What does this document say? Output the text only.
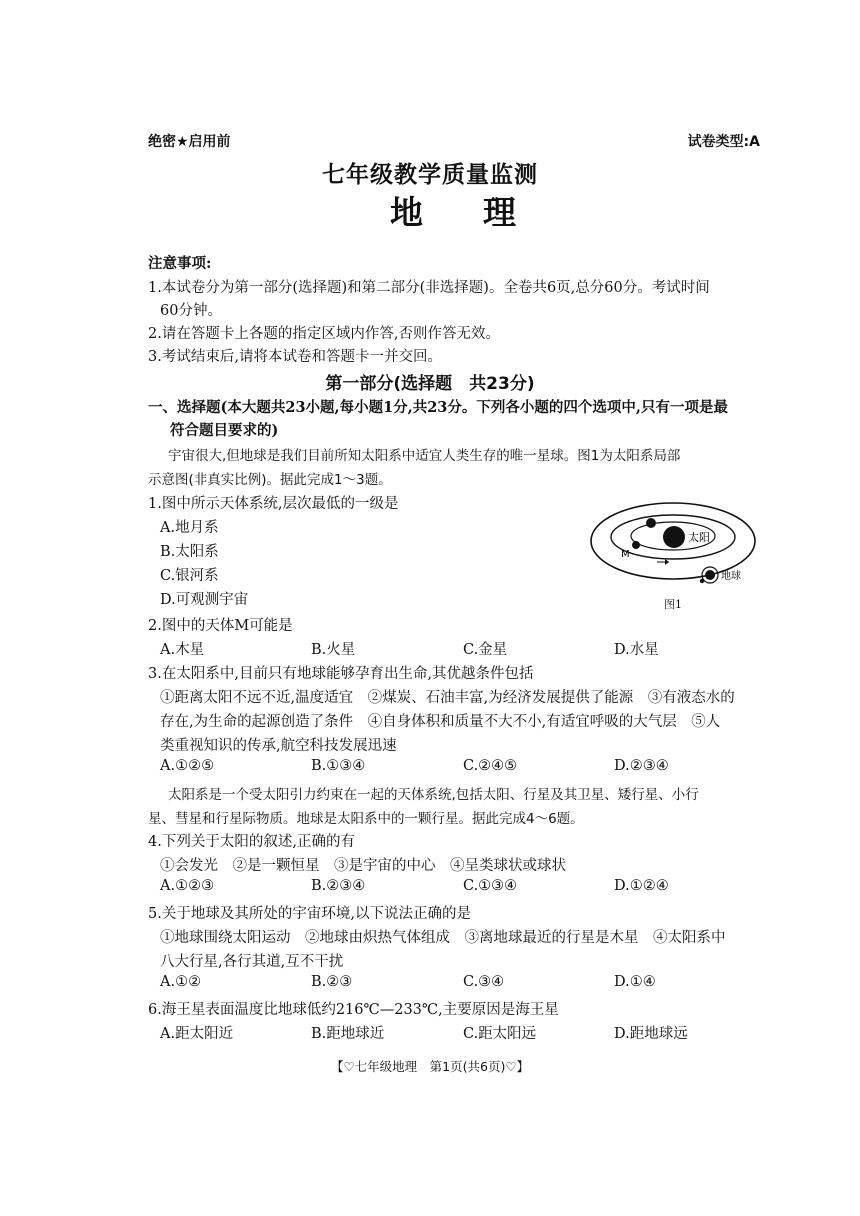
绝密★启用前	试卷类型:A
七年级教学质量监测
地理
注意事项:
1.本试卷分为第一部分(选择题)和第二部分(非选择题)。全卷共6页,总分60分。考试时间
60分钟。
2.请在答题卡上各题的指定区域内作答,否则作答无效。
3.考试结束后,请将本试卷和答题卡一并交回。
第一部分(选择题　共23分)
一、选择题(本大题共23小题,每小题1分,共23分。下列各小题的四个选项中,只有一项是最
符合题目要求的)
宇宙很大,但地球是我们目前所知太阳系中适宜人类生存的唯一星球。图1为太阳系局部
示意图(非真实比例)。据此完成1～3题。
1.图中所示天体系统,层次最低的一级是
A.地月系
B.太阳系
C.银河系
D.可观测宇宙
太阳
M
地球
图1
2.图中的天体M可能是
A.木星	B.火星	C.金星	D.水星
3.在太阳系中,目前只有地球能够孕育出生命,其优越条件包括
①距离太阳不远不近,温度适宜　②煤炭、石油丰富,为经济发展提供了能源　③有液态水的
存在,为生命的起源创造了条件　④自身体积和质量不大不小,有适宜呼吸的大气层　⑤人
类重视知识的传承,航空科技发展迅速
A.①②⑤	B.①③④	C.②④⑤	D.②③④
太阳系是一个受太阳引力约束在一起的天体系统,包括太阳、行星及其卫星、矮行星、小行
星、彗星和行星际物质。地球是太阳系中的一颗行星。据此完成4～6题。
4.下列关于太阳的叙述,正确的有
①会发光　②是一颗恒星　③是宇宙的中心　④呈类球状或球状
A.①②③	B.②③④	C.①③④	D.①②④
5.关于地球及其所处的宇宙环境,以下说法正确的是
①地球围绕太阳运动　②地球由炽热气体组成　③离地球最近的行星是木星　④太阳系中
八大行星,各行其道,互不干扰
A.①②	B.②③	C.③④	D.①④
6.海王星表面温度比地球低约216℃—233℃,主要原因是海王星
A.距太阳近	B.距地球近	C.距太阳远	D.距地球远
【♡七年级地理　第1页(共6页)♡】
